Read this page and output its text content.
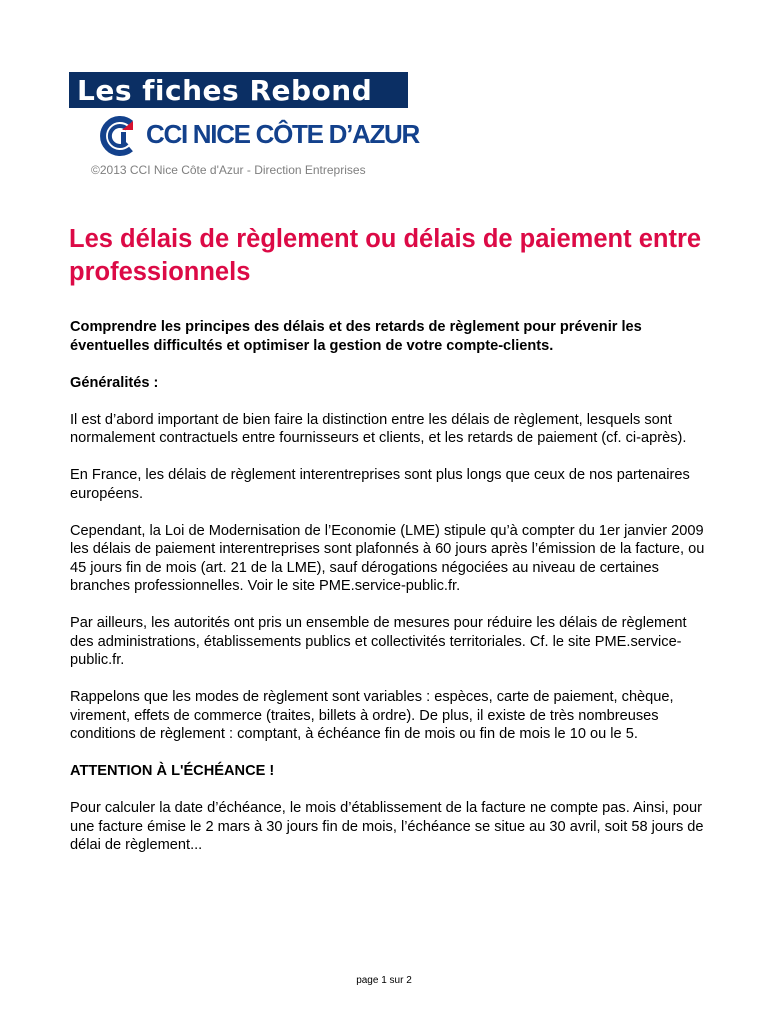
Les fiches Rebond
CCI NICE CÔTE D’AZUR
©2013 CCI Nice Côte d'Azur - Direction Entreprises
Les délais de règlement ou délais de paiement entre professionnels

Comprendre les principes des délais et des retards de règlement pour prévenir les éventuelles difficultés et optimiser la gestion de votre compte-clients.

Généralités :

Il est d’abord important de bien faire la distinction entre les délais de règlement, lesquels sont normalement contractuels entre fournisseurs et clients, et les retards de paiement (cf. ci-après).

En France, les délais de règlement interentreprises sont plus longs que ceux de nos partenaires européens.

Cependant, la Loi de Modernisation de l’Economie (LME) stipule qu’à compter du 1er janvier 2009 les délais de paiement interentreprises sont plafonnés à 60 jours après l’émission de la facture, ou 45 jours fin de mois (art. 21 de la LME), sauf dérogations négociées au niveau de certaines branches professionnelles. Voir le site PME.service-public.fr.

Par ailleurs, les autorités ont pris un ensemble de mesures pour réduire les délais de règlement des administrations, établissements publics et collectivités territoriales. Cf. le site PME.service-public.fr.

Rappelons que les modes de règlement sont variables : espèces, carte de paiement, chèque, virement, effets de commerce (traites, billets à ordre). De plus, il existe de très nombreuses conditions de règlement : comptant, à échéance fin de mois ou fin de mois le 10 ou le 5.

ATTENTION À L'ÉCHÉANCE !

Pour calculer la date d’échéance, le mois d’établissement de la facture ne compte pas. Ainsi, pour une facture émise le 2 mars à 30 jours fin de mois, l’échéance se situe au 30 avril, soit 58 jours de délai de règlement...

page 1 sur 2
